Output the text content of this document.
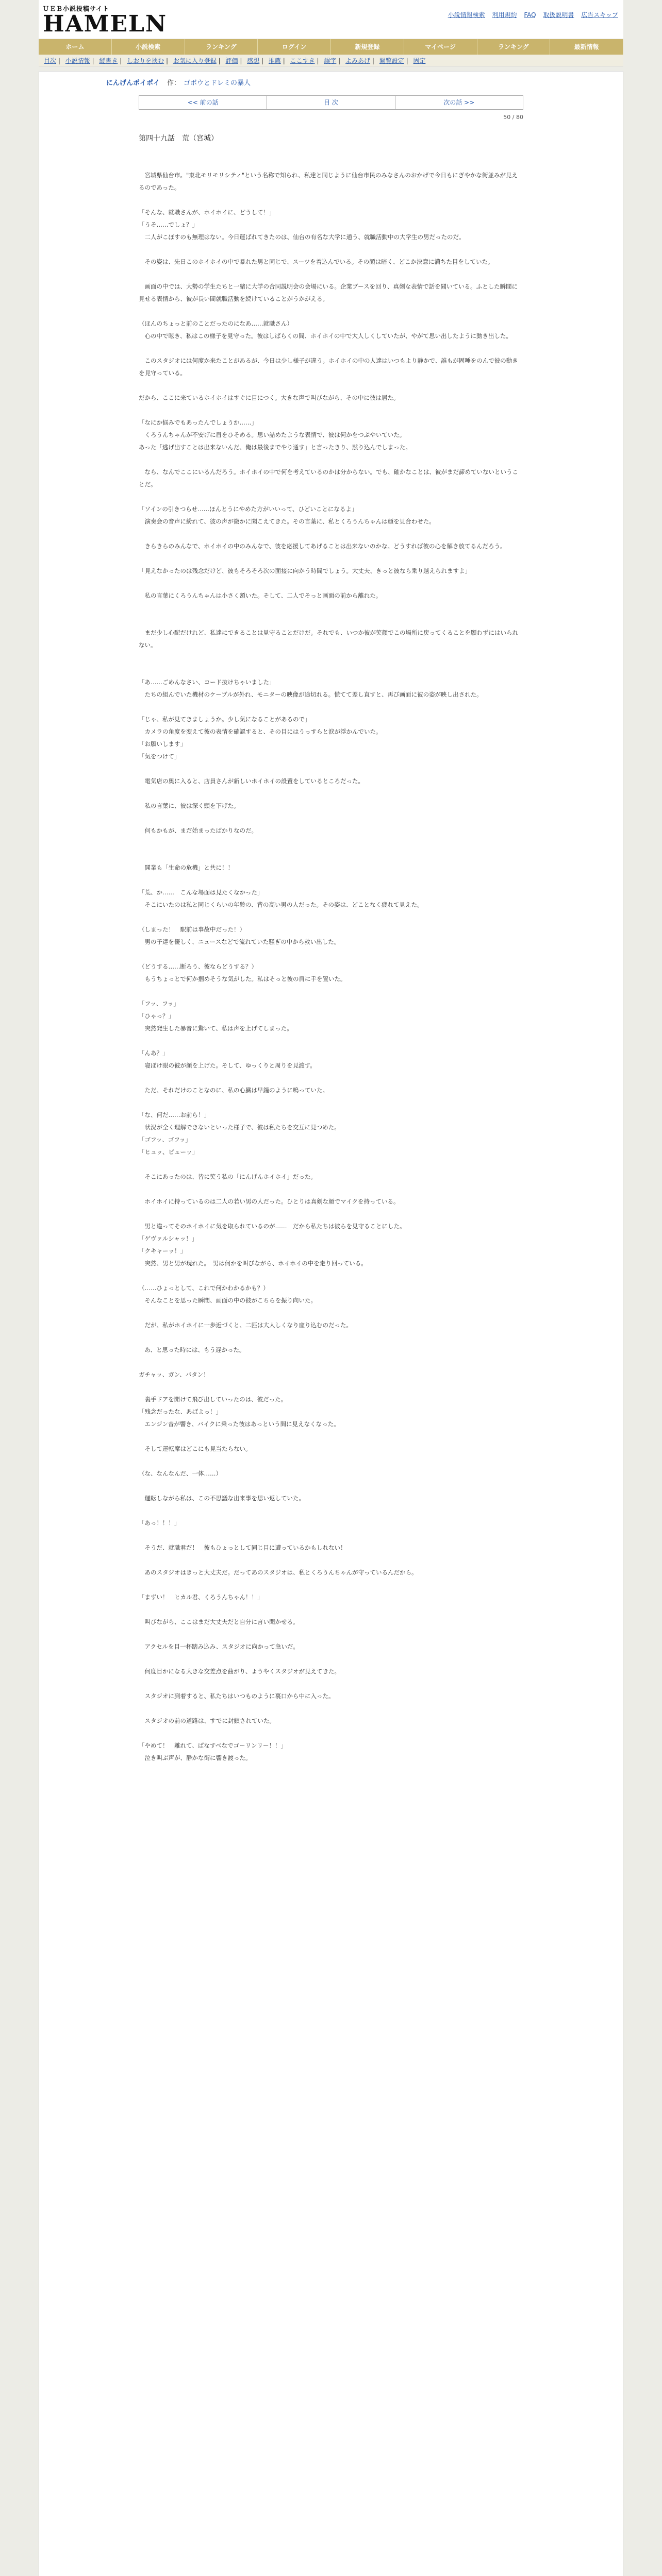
ＵＥＢ小説投稿サイト
HAMELN	小説情報検索 利用規約 FAQ 取扱説明書 広告スキップ
ホーム	小説検索	ランキング	ログイン	新規登録	マイページ	ランキング	最新情報
目次 | 小説情報 | 縦書き | しおりを挟む | お気に入り登録 | 評価 | 感想 | 推薦 | ここすき | 誤字 | よみあげ | 閲覧設定 | 固定
にんげんポイポイ 作： ゴボウとドレミの暴人
<< 前の話	目 次	次の話 >>
50 / 80
第四十九話　荒（宮城）

　宮城県仙台市。"東北モリモリシティ"という名称で知られ、私達と同じように仙台市民のみなさんのおかげで今日もにぎやかな街並みが見えるのであった。

「そんな、就職さんが、ホイホイに、どうして！」

「うそ……でしょ？」

　二人がこぼすのも無理はない。今日運ばれてきたのは、仙台の有名な大学に通う、就職活動中の大学生の男だったのだ。

　その姿は、先日このホイホイの中で暴れた男と同じで、スーツを着込んでいる。その顔は暗く、どこか決意に満ちた目をしていた。

　画面の中では、大勢の学生たちと一緒に大学の合同説明会の会場にいる。企業ブースを回り、真剣な表情で話を聞いている。ふとした瞬間に見せる表情から、彼が長い間就職活動を続けていることがうかがえる。

（ほんのちょっと前のことだったのになあ……就職さん）

　心の中で呟き、私はこの様子を見守った。彼はしばらくの間、ホイホイの中で大人しくしていたが、やがて思い出したように動き出した。

　このスタジオには何度か来たことがあるが、今日は少し様子が違う。ホイホイの中の人達はいつもより静かで、誰もが固唾をのんで彼の動きを見守っている。

だから、ここに来ているホイホイはすぐに目につく。大きな声で叫びながら、その中に彼は居た。

「なにか悩みでもあったんでしょうか……」

　くろうんちゃんが不安げに眉をひそめる。思い詰めたような表情で、彼は何かをつぶやいていた。

あった「逃げ出すことは出来ないんだ、俺は最後までやり通す」と言ったきり、黙り込んでしまった。

　なら、なんでここにいるんだろう。ホイホイの中で何を考えているのかは分からない。でも、確かなことは、彼がまだ諦めていないということだ。

「ソインの引きつらせ……ほんとうにやめた方がいいって、ひどいことになるよ」

　演奏会の音声に紛れて、彼の声が微かに聞こえてきた。その言葉に、私とくろうんちゃんは顔を見合わせた。

　きらきらのみんなで、ホイホイの中のみんなで、彼を応援してあげることは出来ないのかな。どうすれば彼の心を解き放てるんだろう。

「見えなかったのは残念だけど、彼もそろそろ次の面接に向かう時間でしょう。大丈夫、きっと彼なら乗り越えられますよ」

　私の言葉にくろうんちゃんは小さく頷いた。そして、二人でそっと画面の前から離れた。

　まだ少し心配だけれど、私達にできることは見守ることだけだ。それでも、いつか彼が笑顔でこの場所に戻ってくることを願わずにはいられない。

「あ……ごめんなさい、コード抜けちゃいました」

　たちの組んでいた機材のケーブルが外れ、モニターの映像が途切れる。慌てて差し直すと、再び画面に彼の姿が映し出された。

「じゃ、私が見てきましょうか。少し気になることがあるので」

　カメラの角度を変えて彼の表情を確認すると、その目にはうっすらと涙が浮かんでいた。

「お願いします」

「気をつけて」

　電気店の奥に入ると、店員さんが新しいホイホイの設置をしているところだった。

　私の言葉に、彼は深く頭を下げた。

　何もかもが、まだ始まったばかりなのだ。

　開業も「生命の危機」と共に！！

「荒、か……　こんな場面は見たくなかった」

　そこにいたのは私と同じくらいの年齢の、背の高い男の人だった。その姿は、どことなく疲れて見えた。

（しまった！　駅前は事故中だった！）

　男の子達を優しく、ニュースなどで流れていた騒ぎの中から救い出した。

（どうする……断ろう、彼ならどうする？）

　もうちょっとで何か掴めそうな気がした。私はそっと彼の肩に手を置いた。

「フッ、フッ」

「ひゃっ？」

　突然発生した暴音に驚いて、私は声を上げてしまった。

「んあ？」

　寝ぼけ眼の彼が顔を上げた。そして、ゆっくりと周りを見渡す。

　ただ、それだけのことなのに、私の心臓は早鐘のように鳴っていた。

「な、何だ……お前ら！」

　状況が全く理解できないといった様子で、彼は私たちを交互に見つめた。

「ゴフッ、ゴフッ」

「ヒュッ、ピューッ」

　そこにあったのは、皆に笑う私の「にんげんホイホイ」だった。

　ホイホイに持っているのは二人の若い男の人だった。ひとりは真剣な顔でマイクを持っている。

　男と違ってそのホイホイに気を取られているのが……　だから私たちは彼らを見守ることにした。

「ゲヴァルシャッ！」

「クキャーッ！」

　突然、男と男が現れた。　男は何かを叫びながら、ホイホイの中を走り回っている。

（……ひょっとして、これで何かわかるかも？）

　そんなことを思った瞬間、画面の中の彼がこちらを振り向いた。

　だが、私がホイホイに一歩近づくと、二匹は大人しくなり座り込むのだった。

　あ、と思った時には、もう遅かった。

ガチャッ、ガン、バタン！

　裏手ドアを開けて飛び出していったのは、彼だった。

「残念だったな、あばよっ！」

　エンジン音が響き、バイクに乗った彼はあっという間に見えなくなった。

　そして運転席はどこにも見当たらない。

（な、なんなんだ、一体……）

　運転しながら私は、この不思議な出来事を思い返していた。

「あっ！！！」

　そうだ、就職君だ！　彼もひょっとして同じ目に遭っているかもしれない！

　あのスタジオはきっと大丈夫だ。だってあのスタジオは、私とくろうんちゃんが守っているんだから。

「まずい！　ヒカル君、くろうんちゃん！！」

　叫びながら、ここはまだ大丈夫だと自分に言い聞かせる。

　アクセルを目一杯踏み込み、スタジオに向かって急いだ。

　何度目かになる大きな交差点を曲がり、ようやくスタジオが見えてきた。

　スタジオに到着すると、私たちはいつものように裏口から中に入った。

　スタジオの前の道路は、すでに封鎖されていた。

「やめて！　離れて、ぱなすべなでゴーリンリー！！」

　泣き叫ぶ声が、静かな街に響き渡った。
